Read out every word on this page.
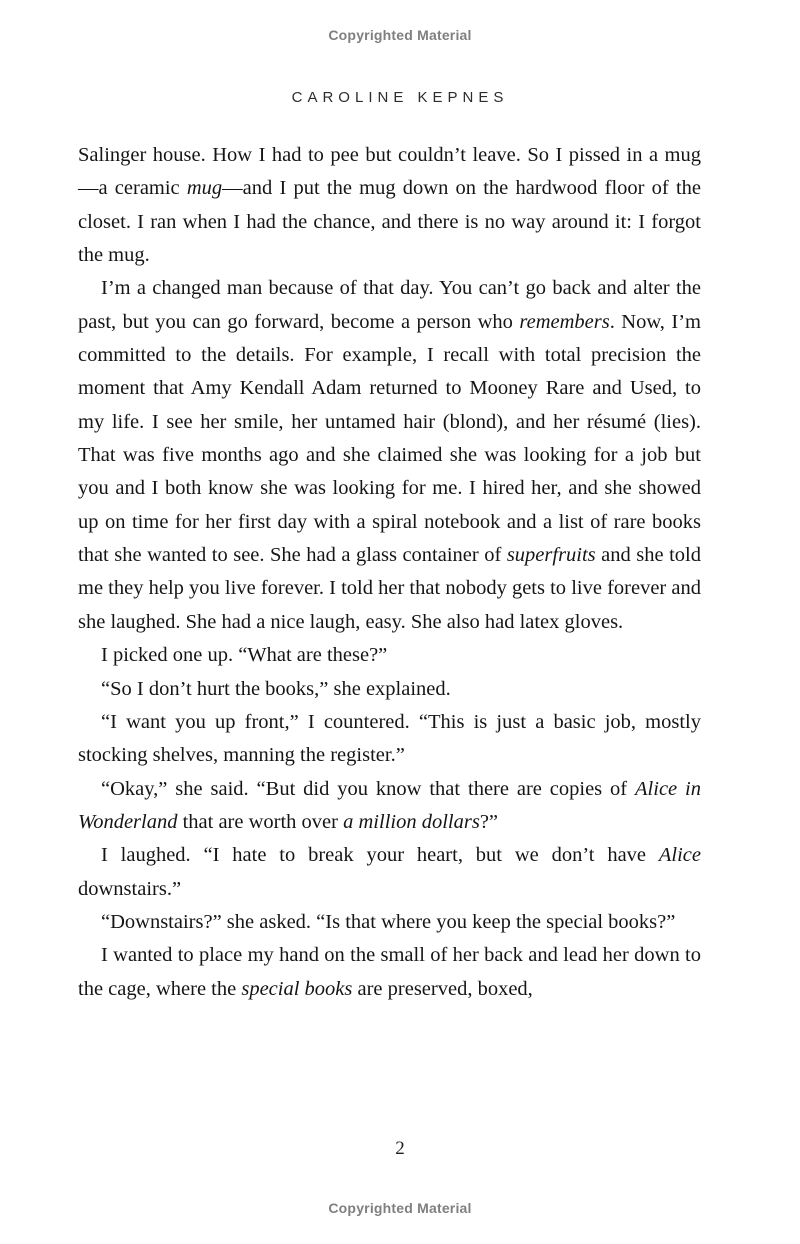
Copyrighted Material
CAROLINE KEPNES

Salinger house. How I had to pee but couldn’t leave. So I pissed in a mug—a ceramic mug—and I put the mug down on the hardwood floor of the closet. I ran when I had the chance, and there is no way around it: I forgot the mug.

I’m a changed man because of that day. You can’t go back and alter the past, but you can go forward, become a person who remembers. Now, I’m committed to the details. For example, I recall with total precision the moment that Amy Kendall Adam returned to Mooney Rare and Used, to my life. I see her smile, her untamed hair (blond), and her résumé (lies). That was five months ago and she claimed she was looking for a job but you and I both know she was looking for me. I hired her, and she showed up on time for her first day with a spiral notebook and a list of rare books that she wanted to see. She had a glass container of superfruits and she told me they help you live forever. I told her that nobody gets to live forever and she laughed. She had a nice laugh, easy. She also had latex gloves.

I picked one up. “What are these?”

“So I don’t hurt the books,” she explained.

“I want you up front,” I countered. “This is just a basic job, mostly stocking shelves, manning the register.”

“Okay,” she said. “But did you know that there are copies of Alice in Wonderland that are worth over a million dollars?”

I laughed. “I hate to break your heart, but we don’t have Alice downstairs.”

“Downstairs?” she asked. “Is that where you keep the special books?”

I wanted to place my hand on the small of her back and lead her down to the cage, where the special books are preserved, boxed,

2
Copyrighted Material
